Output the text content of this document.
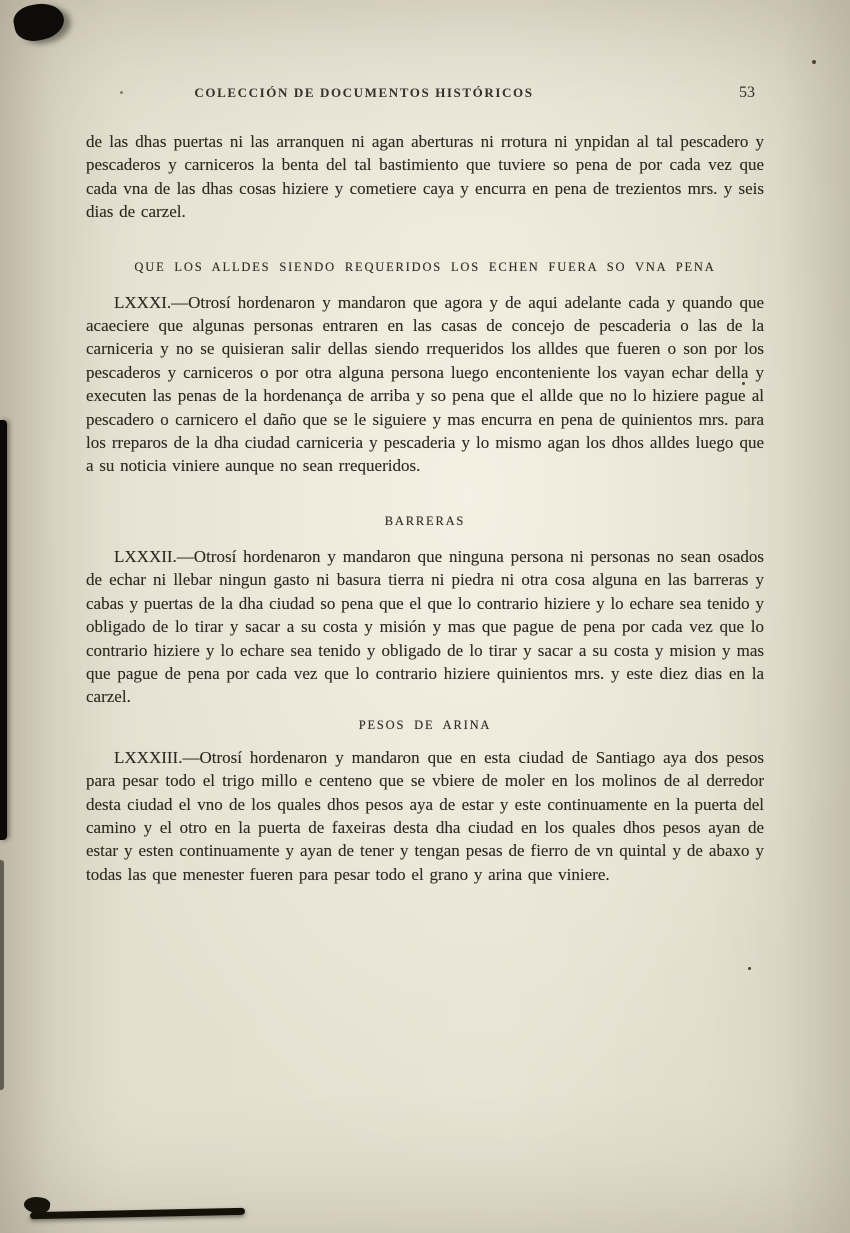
COLECCIÓN DE DOCUMENTOS HISTÓRICOS	53

de las dhas puertas ni las arranquen ni agan aberturas ni rrotura ni ynpidan al tal pescadero y pescaderos y carniceros la benta del tal bastimiento que tuviere so pena de por cada vez que cada vna de las dhas cosas hiziere y cometiere caya y encurra en pena de trezientos mrs. y seis dias de carzel.

QUE LOS ALLDES SIENDO REQUERIDOS LOS ECHEN FUERA SO VNA PENA

LXXXI.—Otrosí hordenaron y mandaron que agora y de aqui adelante cada y quando que acaeciere que algunas personas entraren en las casas de concejo de pescaderia o las de la carniceria y no se quisieran salir dellas siendo rrequeridos los alldes que fueren o son por los pescaderos y carniceros o por otra alguna persona luego enconteniente los vayan echar della y executen las penas de la hordenança de arriba y so pena que el allde que no lo hiziere pague al pescadero o carnicero el daño que se le siguiere y mas encurra en pena de quinientos mrs. para los rreparos de la dha ciudad carniceria y pescaderia y lo mismo agan los dhos alldes luego que a su noticia viniere aunque no sean rrequeridos.

BARRERAS

LXXXII.—Otrosí hordenaron y mandaron que ninguna persona ni personas no sean osados de echar ni llebar ningun gasto ni basura tierra ni piedra ni otra cosa alguna en las barreras y cabas y puertas de la dha ciudad so pena que el que lo contrario hiziere y lo echare sea tenido y obligado de lo tirar y sacar a su costa y misión y mas que pague de pena por cada vez que lo contrario hiziere y lo echare sea tenido y obligado de lo tirar y sacar a su costa y mision y mas que pague de pena por cada vez que lo contrario hiziere quinientos mrs. y este diez dias en la carzel.

PESOS DE ARINA

LXXXIII.—Otrosí hordenaron y mandaron que en esta ciudad de Santiago aya dos pesos para pesar todo el trigo millo e centeno que se vbiere de moler en los molinos de al derredor desta ciudad el vno de los quales dhos pesos aya de estar y este continuamente en la puerta del camino y el otro en la puerta de faxeiras desta dha ciudad en los quales dhos pesos ayan de estar y esten continuamente y ayan de tener y tengan pesas de fierro de vn quintal y de abaxo y todas las que menester fueren para pesar todo el grano y arina que viniere.
